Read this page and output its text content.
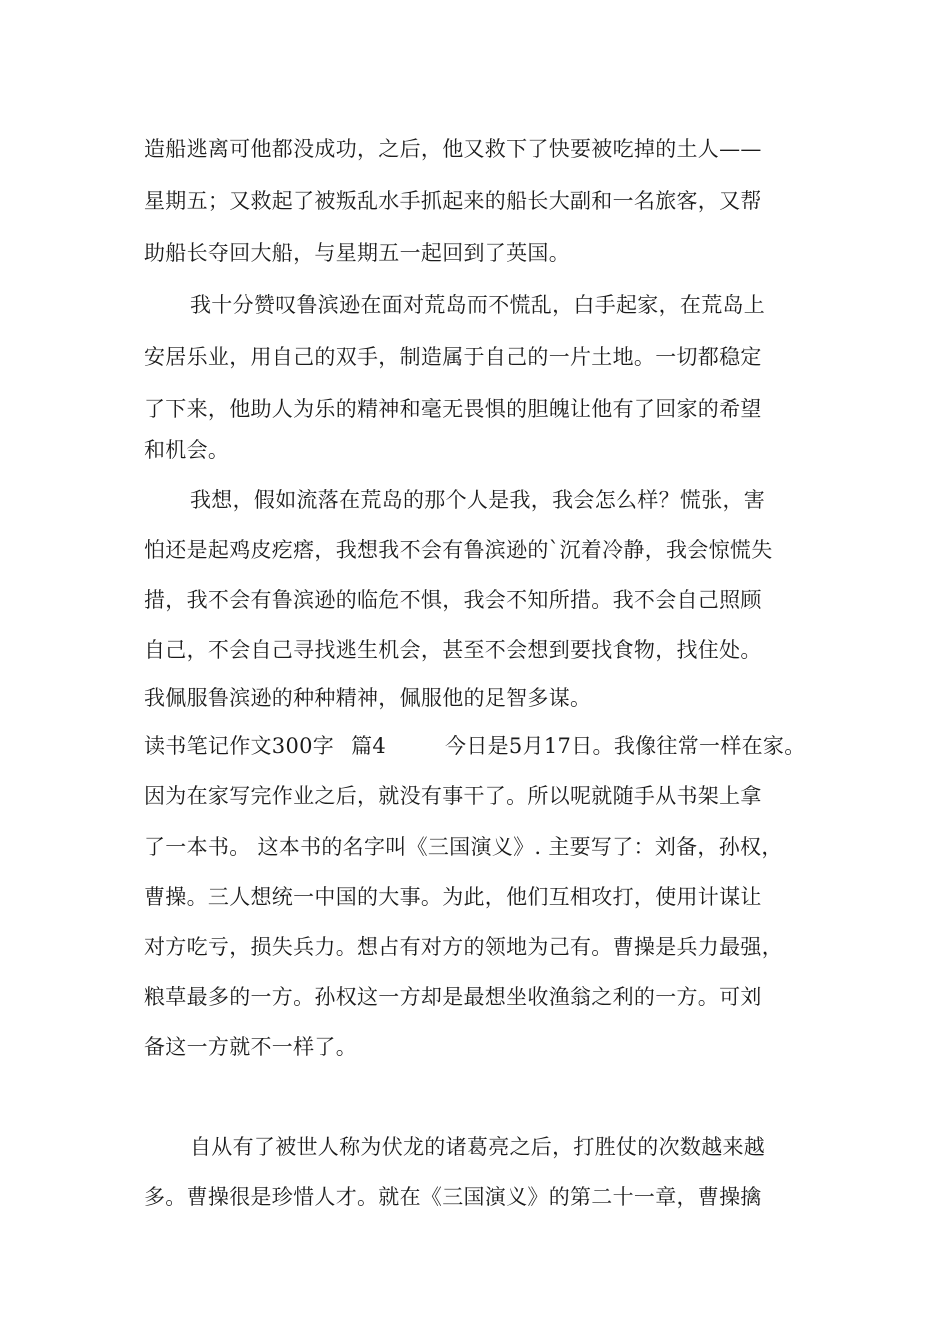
造船逃离可他都没成功，之后，他又救下了快要被吃掉的土人——
星期五；又救起了被叛乱水手抓起来的船长大副和一名旅客，又帮
助船长夺回大船，与星期五一起回到了英国。
我十分赞叹鲁滨逊在面对荒岛而不慌乱，白手起家，在荒岛上
安居乐业，用自己的双手，制造属于自己的一片土地。一切都稳定
了下来，他助人为乐的精神和毫无畏惧的胆魄让他有了回家的希望
和机会。
我想，假如流落在荒岛的那个人是我，我会怎么样？慌张，害
怕还是起鸡皮疙瘩，我想我不会有鲁滨逊的`沉着冷静，我会惊慌失
措，我不会有鲁滨逊的临危不惧，我会不知所措。我不会自己照顾
自己，不会自己寻找逃生机会，甚至不会想到要找食物，找住处。
我佩服鲁滨逊的种种精神，佩服他的足智多谋。
读书笔记作文300字 篇4	今日是5月17日。我像往常一样在家。
因为在家写完作业之后，就没有事干了。所以呢就随手从书架上拿
了一本书。 这本书的名字叫《三国演义》. 主要写了：刘备，孙权，
曹操。三人想统一中国的大事。为此，他们互相攻打，使用计谋让
对方吃亏，损失兵力。想占有对方的领地为己有。曹操是兵力最强，
粮草最多的一方。孙权这一方却是最想坐收渔翁之利的一方。可刘
备这一方就不一样了。
自从有了被世人称为伏龙的诸葛亮之后，打胜仗的次数越来越
多。曹操很是珍惜人才。就在《三国演义》的第二十一章，曹操擒
